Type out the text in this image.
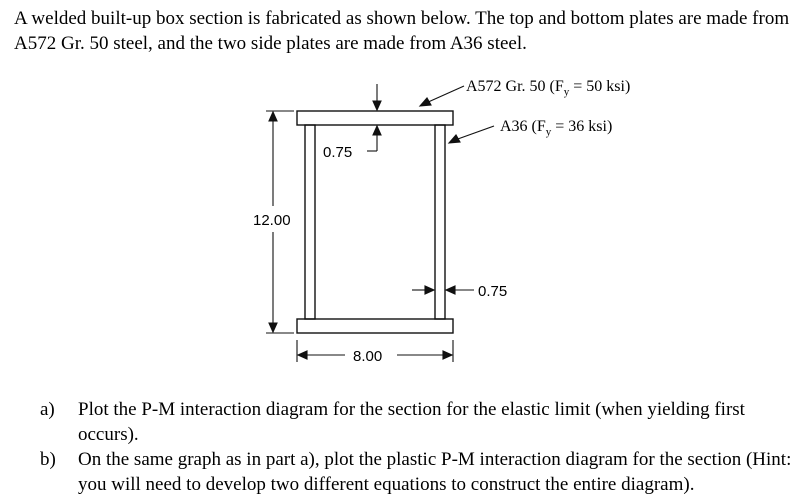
A welded built-up box section is fabricated as shown below. The top and bottom plates are made from A572 Gr. 50 steel, and the two side plates are made from A36 steel.

0.75
0.75
12.00
8.00
A572 Gr. 50 ($F_y = 50$ ksi)
A36 ($F_y = 36$ ksi)

a) Plot the P-M interaction diagram for the section for the elastic limit (when yielding first occurs).

b) On the same graph as in part a), plot the plastic P-M interaction diagram for the section (Hint: you will need to develop two different equations to construct the entire diagram).
